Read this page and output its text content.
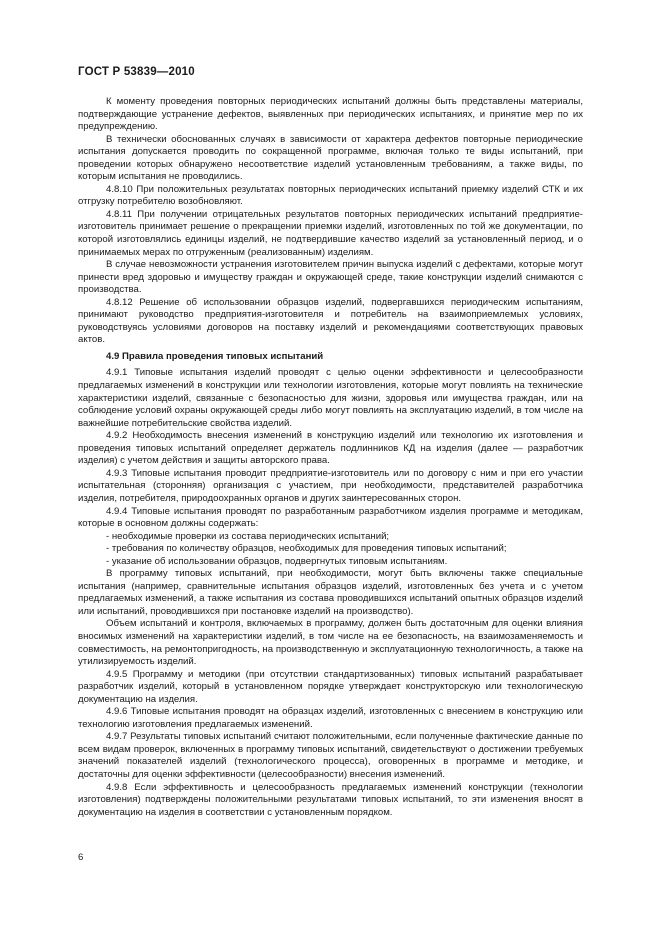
ГОСТ Р 53839—2010

К моменту проведения повторных периодических испытаний должны быть представлены материалы, подтверждающие устранение дефектов, выявленных при периодических испытаниях, и принятие мер по их предупреждению.

В технически обоснованных случаях в зависимости от характера дефектов повторные периодические испытания допускается проводить по сокращенной программе, включая только те виды испытаний, при проведении которых обнаружено несоответствие изделий установленным требованиям, а также виды, по которым испытания не проводились.

4.8.10 При положительных результатах повторных периодических испытаний приемку изделий СТК и их отгрузку потребителю возобновляют.

4.8.11 При получении отрицательных результатов повторных периодических испытаний предприятие-изготовитель принимает решение о прекращении приемки изделий, изготовленных по той же документации, по которой изготовлялись единицы изделий, не подтвердившие качество изделий за установленный период, и о принимаемых мерах по отгруженным (реализованным) изделиям.

В случае невозможности устранения изготовителем причин выпуска изделий с дефектами, которые могут принести вред здоровью и имуществу граждан и окружающей среде, такие конструкции изделий снимаются с производства.

4.8.12 Решение об использовании образцов изделий, подвергавшихся периодическим испытаниям, принимают руководство предприятия-изготовителя и потребитель на взаимоприемлемых условиях, руководствуясь условиями договоров на поставку изделий и рекомендациями соответствующих правовых актов.

4.9 Правила проведения типовых испытаний

4.9.1 Типовые испытания изделий проводят с целью оценки эффективности и целесообразности предлагаемых изменений в конструкции или технологии изготовления, которые могут повлиять на технические характеристики изделий, связанные с безопасностью для жизни, здоровья или имущества граждан, или на соблюдение условий охраны окружающей среды либо могут повлиять на эксплуатацию изделий, в том числе на важнейшие потребительские свойства изделий.

4.9.2 Необходимость внесения изменений в конструкцию изделий или технологию их изготовления и проведения типовых испытаний определяет держатель подлинников КД на изделия (далее — разработчик изделия) с учетом действия и защиты авторского права.

4.9.3 Типовые испытания проводит предприятие-изготовитель или по договору с ним и при его участии испытательная (сторонняя) организация с участием, при необходимости, представителей разработчика изделия, потребителя, природоохранных органов и других заинтересованных сторон.

4.9.4 Типовые испытания проводят по разработанным разработчиком изделия программе и методикам, которые в основном должны содержать:

- необходимые проверки из состава периодических испытаний;

- требования по количеству образцов, необходимых для проведения типовых испытаний;

- указание об использовании образцов, подвергнутых типовым испытаниям.

В программу типовых испытаний, при необходимости, могут быть включены также специальные испытания (например, сравнительные испытания образцов изделий, изготовленных без учета и с учетом предлагаемых изменений, а также испытания из состава проводившихся испытаний опытных образцов изделий или испытаний, проводившихся при постановке изделий на производство).

Объем испытаний и контроля, включаемых в программу, должен быть достаточным для оценки влияния вносимых изменений на характеристики изделий, в том числе на ее безопасность, на взаимозаменяемость и совместимость, на ремонтопригодность, на производственную и эксплуатационную технологичность, а также на утилизируемость изделий.

4.9.5 Программу и методики (при отсутствии стандартизованных) типовых испытаний разрабатывает разработчик изделий, который в установленном порядке утверждает конструкторскую или технологическую документацию на изделия.

4.9.6 Типовые испытания проводят на образцах изделий, изготовленных с внесением в конструкцию или технологию изготовления предлагаемых изменений.

4.9.7 Результаты типовых испытаний считают положительными, если полученные фактические данные по всем видам проверок, включенных в программу типовых испытаний, свидетельствуют о достижении требуемых значений показателей изделий (технологического процесса), оговоренных в программе и методике, и достаточны для оценки эффективности (целесообразности) внесения изменений.

4.9.8 Если эффективность и целесообразность предлагаемых изменений конструкции (технологии изготовления) подтверждены положительными результатами типовых испытаний, то эти изменения вносят в документацию на изделия в соответствии с установленным порядком.

6
